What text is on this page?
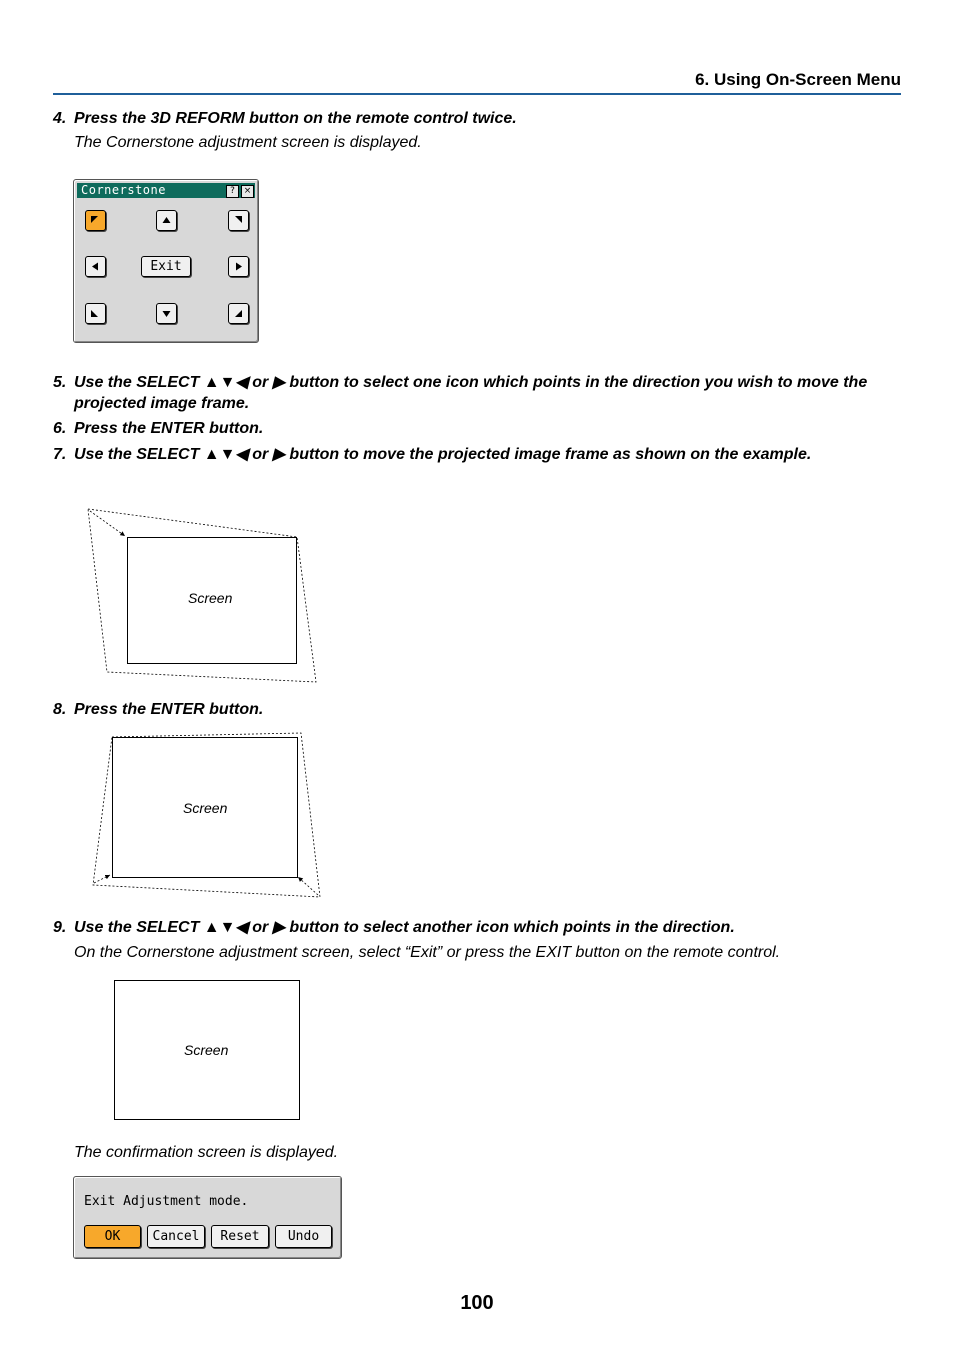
6. Using On-Screen Menu
4. Press the 3D REFORM button on the remote control twice.
The Cornerstone adjustment screen is displayed.
Cornerstone	? ×
Exit
5. Use the SELECT ▲▼◀ or ▶ button to select one icon which points in the direction you wish to move the
projected image frame.
6. Press the ENTER button.
7. Use the SELECT ▲▼◀ or ▶ button to move the projected image frame as shown on the example.
Screen
8. Press the ENTER button.
Screen
9. Use the SELECT ▲▼◀ or ▶ button to select another icon which points in the direction.
On the Cornerstone adjustment screen, select “Exit” or press the EXIT button on the remote control.
Screen
The confirmation screen is displayed.
Exit Adjustment mode.
OK	Cancel	Reset	Undo
100
